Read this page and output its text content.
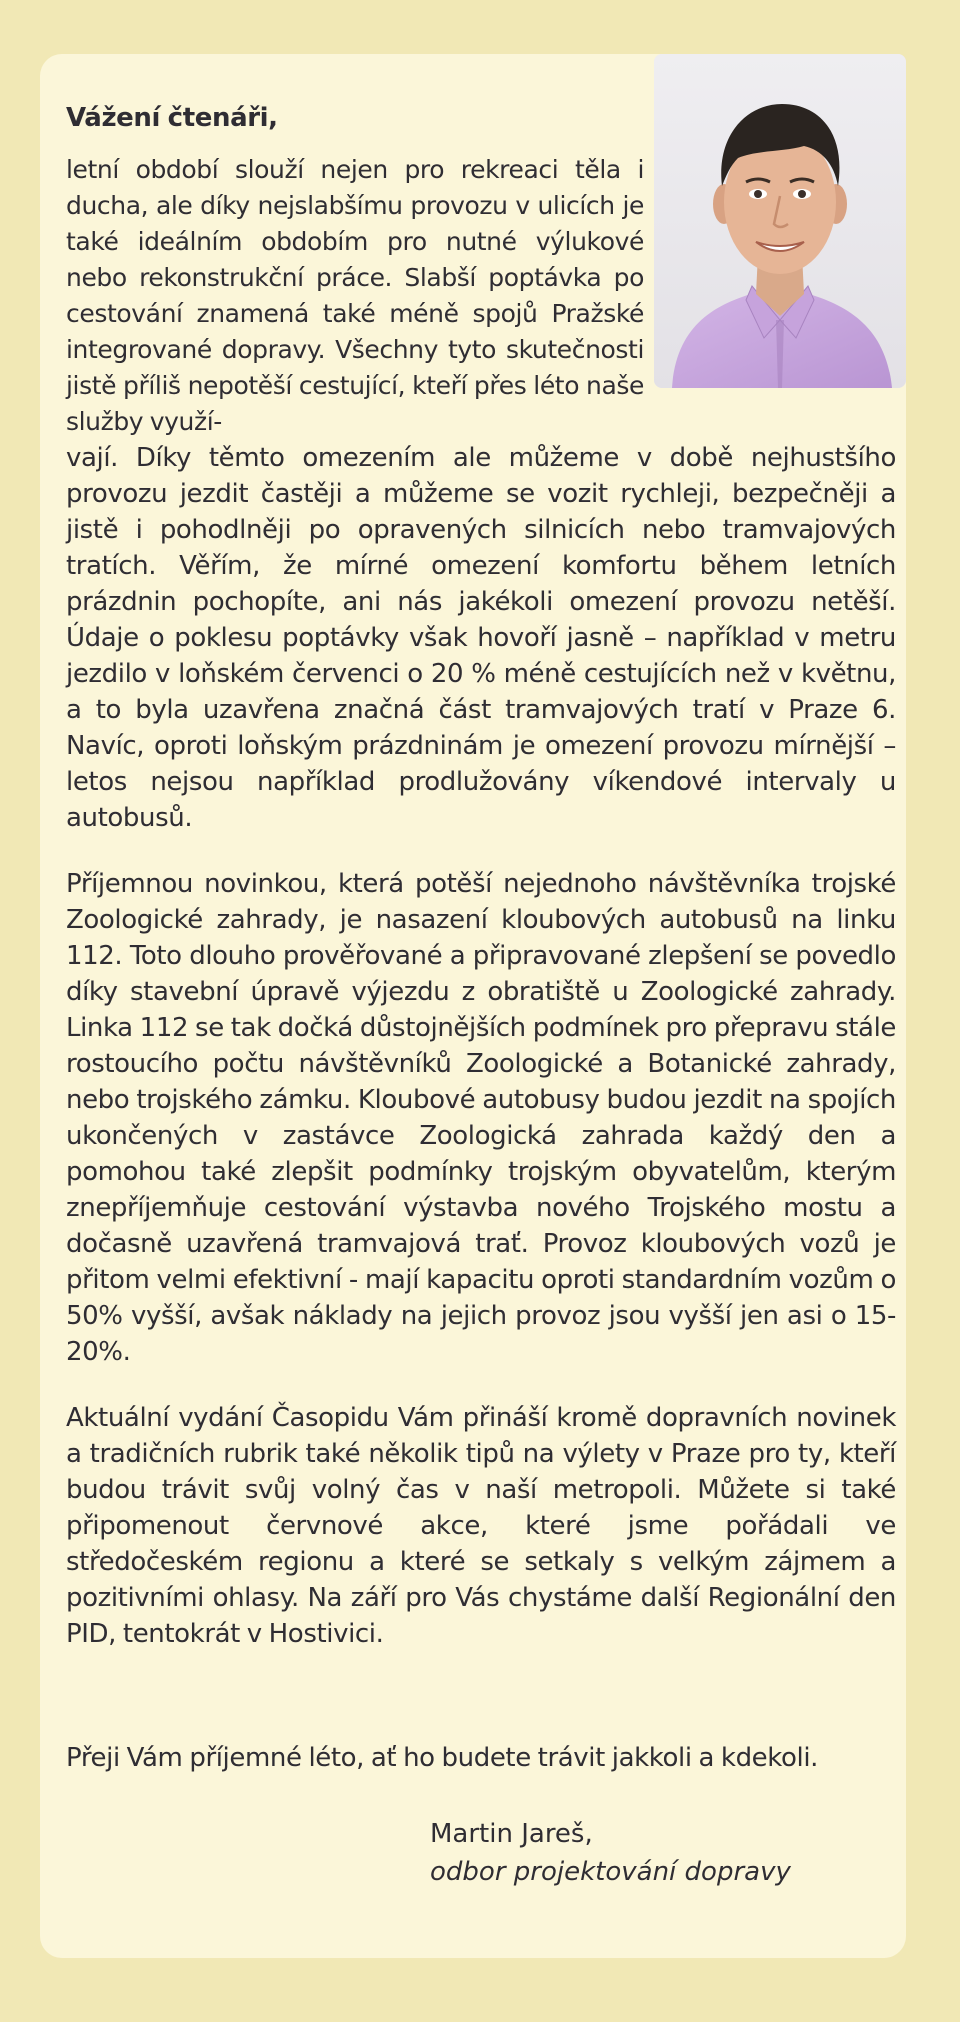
Vážení čtenáři,

letní období slouží nejen pro rekreaci těla i ducha, ale díky nejslabšímu provozu v ulicích je také ideálním obdobím pro nutné výlukové nebo rekonstrukční práce. Slabší poptávka po cestování znamená také méně spojů Pražské integrované dopravy. Všechny tyto skutečnosti jistě příliš nepotěší cestující, kteří přes léto naše služby využí-

vají. Díky těmto omezením ale můžeme v době nejhustšího provozu jezdit častěji a můžeme se vozit rychleji, bezpečněji a jistě i pohodlněji po opravených silnicích nebo tramvajových tratích. Věřím, že mírné omezení komfortu během letních prázdnin pochopíte, ani nás jakékoli omezení provozu netěší. Údaje o poklesu poptávky však hovoří jasně – například v metru jezdilo v loňském červenci o 20 % méně cestujících než v květnu, a to byla uzavřena značná část tramvajových tratí v Praze 6. Navíc, oproti loňským prázdninám je omezení provozu mírnější – letos nejsou například prodlužovány víkendové intervaly u autobusů.

Příjemnou novinkou, která potěší nejednoho návštěvníka trojské Zoologické zahrady, je nasazení kloubových autobusů na linku 112. Toto dlouho prověřované a připravované zlepšení se povedlo díky stavební úpravě výjezdu z obratiště u Zoologické zahrady. Linka 112 se tak dočká důstojnějších podmínek pro přepravu stále rostoucího počtu návštěvníků Zoologické a Botanické zahrady, nebo trojského zámku. Kloubové autobusy budou jezdit na spojích ukončených v zastávce Zoologická zahrada každý den a pomohou také zlepšit podmínky trojským obyvatelům, kterým znepříjemňuje cestování výstavba nového Trojského mostu a dočasně uzavřená tramvajová trať. Provoz kloubových vozů je přitom velmi efektivní - mají kapacitu oproti standardním vozům o 50% vyšší, avšak náklady na jejich provoz jsou vyšší jen asi o 15-20%.

Aktuální vydání Časopidu Vám přináší kromě dopravních novinek a tradičních rubrik také několik tipů na výlety v Praze pro ty, kteří budou trávit svůj volný čas v naší metropoli. Můžete si také připomenout červnové akce, které jsme pořádali ve středočeském regionu a které se setkaly s velkým zájmem a pozitivními ohlasy. Na září pro Vás chystáme další Regionální den PID, tentokrát v Hostivici.

Přeji Vám příjemné léto, ať ho budete trávit jakkoli a kdekoli.

Martin Jareš,
odbor projektování dopravy
